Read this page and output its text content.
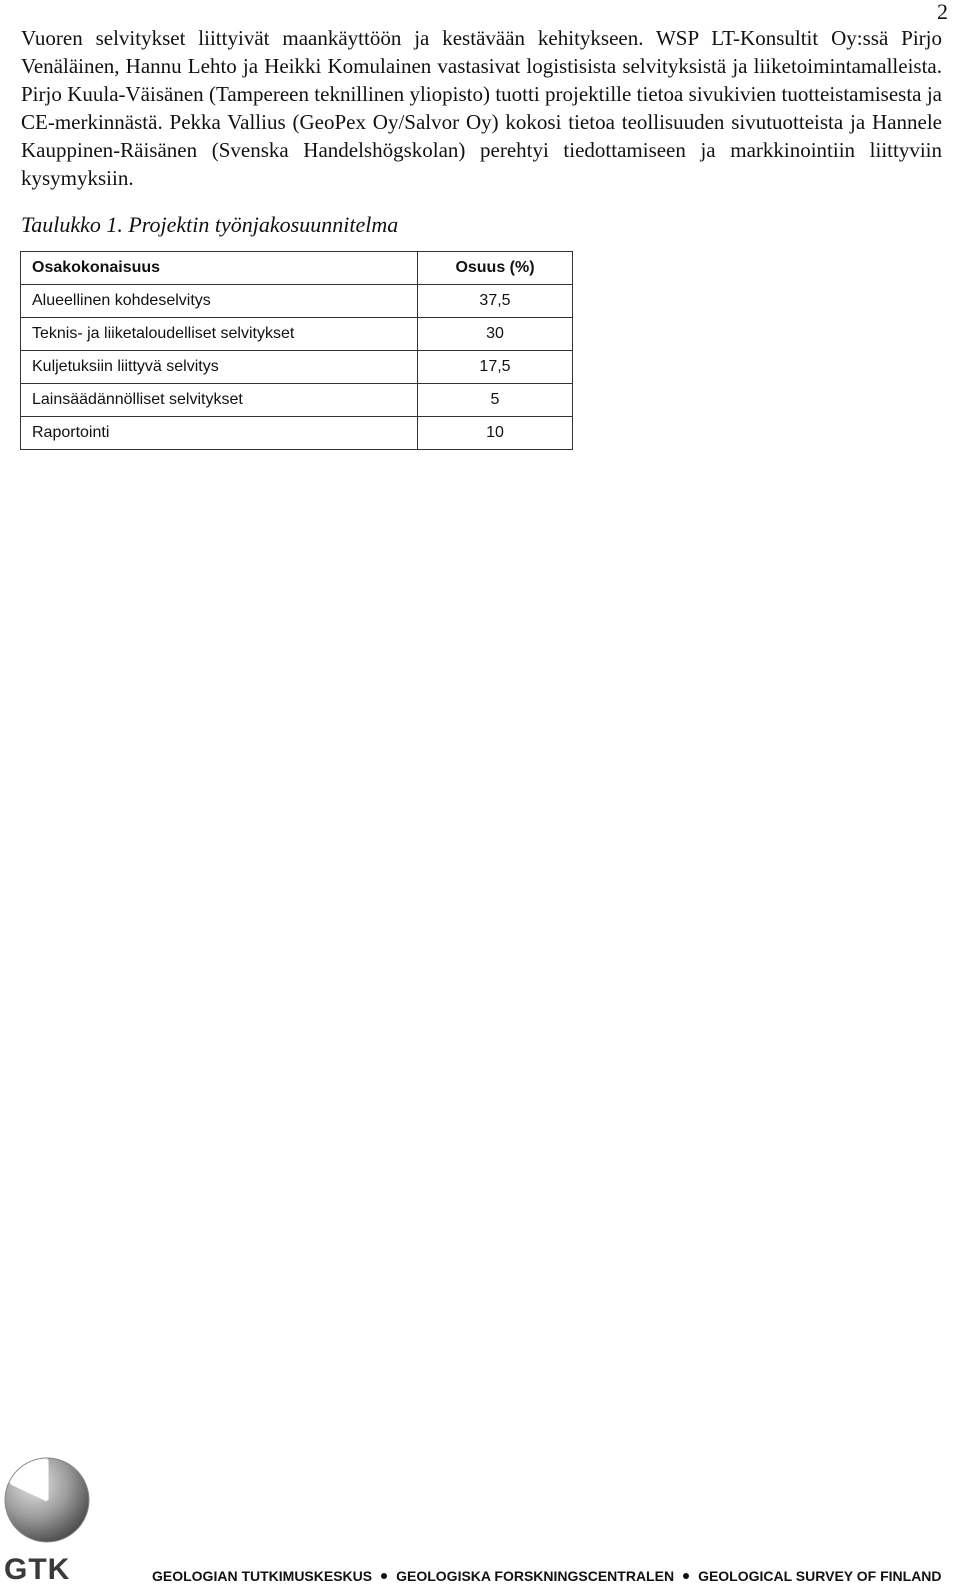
2

Vuoren selvitykset liittyivät maankäyttöön ja kestävään kehitykseen. WSP LT-Konsultit Oy:ssä Pirjo Venäläinen, Hannu Lehto ja Heikki Komulainen vastasivat logistisista selvityksistä ja liiketoimintamalleista. Pirjo Kuula-Väisänen (Tampereen teknillinen yliopisto) tuotti projektille tietoa sivukivien tuotteistamisesta ja CE-merkinnästä. Pekka Vallius (GeoPex Oy/Salvor Oy) kokosi tietoa teollisuuden sivutuotteista ja Hannele Kauppinen-Räisänen (Svenska Handelshögskolan) perehtyi tiedottamiseen ja markkinointiin liittyviin kysymyksiin.

Taulukko 1. Projektin työnjakosuunnitelma

Osakokonaisuus	Osuus (%)
Alueellinen kohdeselvitys	37,5
Teknis- ja liiketaloudelliset selvitykset	30
Kuljetuksiin liittyvä selvitys	17,5
Lainsäädännölliset selvitykset	5
Raportointi	10
GTK	GEOLOGIAN TUTKIMUSKESKUS GEOLOGISKA FORSKNINGSCENTRALEN GEOLOGICAL SURVEY OF FINLAND
